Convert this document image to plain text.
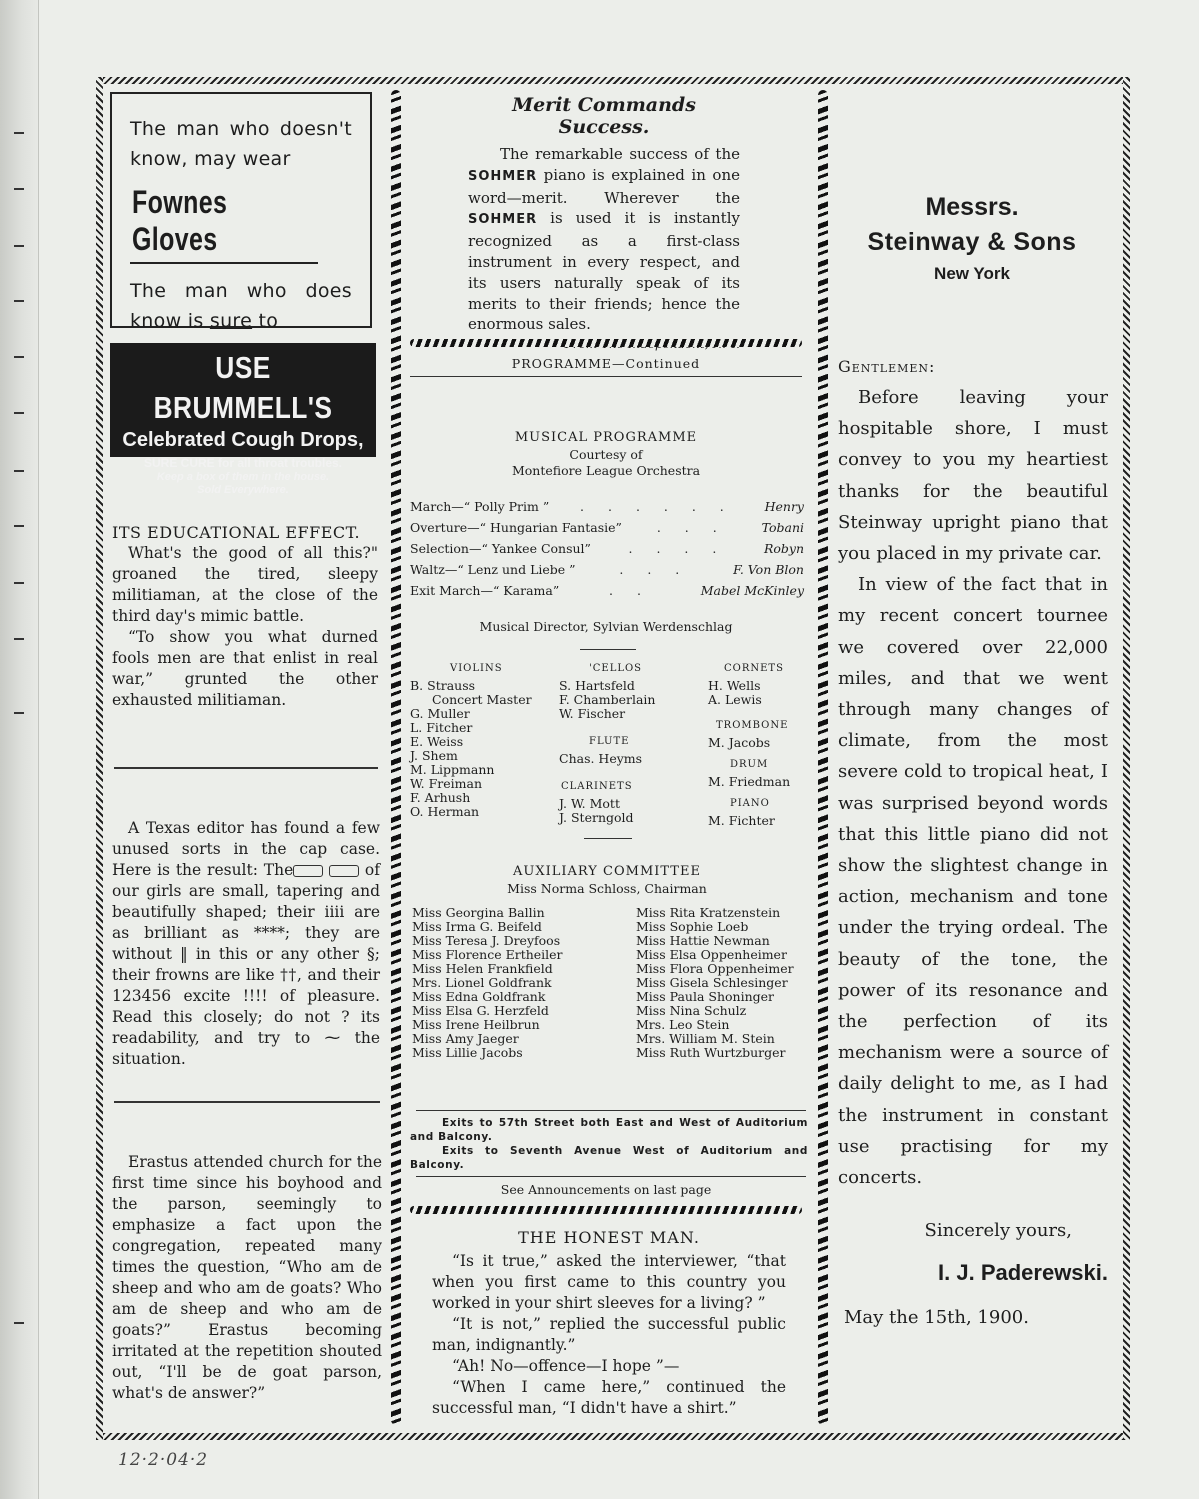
The man who doesn't
know, may wear
Fownes Gloves
The man who does
know is sure to
USE BRUMMELL'S
Celebrated Cough Drops,
SURE CURE for all throat troubles.
Keep a box of them in the house.
Sold Everywhere.
ITS EDUCATIONAL EFFECT.
What's the good of all this?" groaned the tired, sleepy militiaman, at the close of the third day's mimic battle.
“To show you what durned fools men are that enlist in real war,” grunted the other exhausted militiaman.
A Texas editor has found a few unused sorts in the cap case. Here is the result: The	of our girls are small, tapering and beautifully shaped; their iiii are as brilliant as ****; they are without ‖ in this or any other §; their frowns are like ††, and their 123456 excite !!!! of pleasure. Read this closely; do not ? its readability, and try to ⁓ the situation.
Erastus attended church for the first time since his boyhood and the parson, seemingly to emphasize a fact upon the congregation, repeated many times the question, “Who am de sheep and who am de goats? Who am de sheep and who am de goats?” Erastus becoming irritated at the repetition shouted out, “I'll be de goat parson, what's de answer?”
Merit Commands Success.
The remarkable success of the SOHMER piano is explained in one word—merit. Wherever the SOHMER is used it is instantly recognized as a first-class instrument in every respect, and its users naturally speak of its merits to their friends; hence the enormous sales.
PROGRAMME—Continued
MUSICAL PROGRAMME
Courtesy of
Montefiore League Orchestra
March—“ Polly Prim ”	. . . . . .	Henry
Overture—“ Hungarian Fantasie”	. . .	Tobani
Selection—“ Yankee Consul”	. . . .	Robyn
Waltz—“ Lenz und Liebe ”	. . .	F. Von Blon
Exit March—“ Karama”	. .	Mabel McKinley
Musical Director, Sylvian Werdenschlag
VIOLINS
B. Strauss
Concert Master
G. Muller
L. Fitcher
E. Weiss
J. Shem
M. Lippmann
W. Freiman
F. Arhush
O. Herman
'CELLOS
S. Hartsfeld
F. Chamberlain
W. Fischer
FLUTE
Chas. Heyms
CLARINETS
J. W. Mott
J. Sterngold
CORNETS
H. Wells
A. Lewis
TROMBONE
M. Jacobs
DRUM
M. Friedman
PIANO
M. Fichter
AUXILIARY COMMITTEE
Miss Norma Schloss, Chairman
Miss Georgina Ballin
Miss Irma G. Beifeld
Miss Teresa J. Dreyfoos
Miss Florence Ertheiler
Miss Helen Frankfield
Mrs. Lionel Goldfrank
Miss Edna Goldfrank
Miss Elsa G. Herzfeld
Miss Irene Heilbrun
Miss Amy Jaeger
Miss Lillie Jacobs
Miss Rita Kratzenstein
Miss Sophie Loeb
Miss Hattie Newman
Miss Elsa Oppenheimer
Miss Flora Oppenheimer
Miss Gisela Schlesinger
Miss Paula Shoninger
Miss Nina Schulz
Mrs. Leo Stein
Mrs. William M. Stein
Miss Ruth Wurtzburger
Exits to 57th Street both East and West of Auditorium and Balcony.
Exits to Seventh Avenue West of Auditorium and Balcony.
See Announcements on last page
THE HONEST MAN.
“Is it true,” asked the interviewer, “that when you first came to this country you worked in your shirt sleeves for a living? ”
“It is not,” replied the successful public man, indignantly.”
“Ah! No—offence—I hope ”—
“When I came here,” continued the successful man, “I didn't have a shirt.”
Messrs.
Steinway & Sons
New York
Gentlemen:
Before leaving your hospitable shore, I must convey to you my heartiest thanks for the beautiful Steinway upright piano that you placed in my private car.
In view of the fact that in my recent concert tournee we covered over 22,000 miles, and that we went through many changes of climate, from the most severe cold to tropical heat, I was surprised beyond words that this little piano did not show the slightest change in action, mechanism and tone under the trying ordeal. The beauty of the tone, the power of its resonance and the perfection of its mechanism were a source of daily delight to me, as I had the instrument in constant use practising for my concerts.
Sincerely yours,
I. J. Paderewski.
May the 15th, 1900.
12·2·04·2
